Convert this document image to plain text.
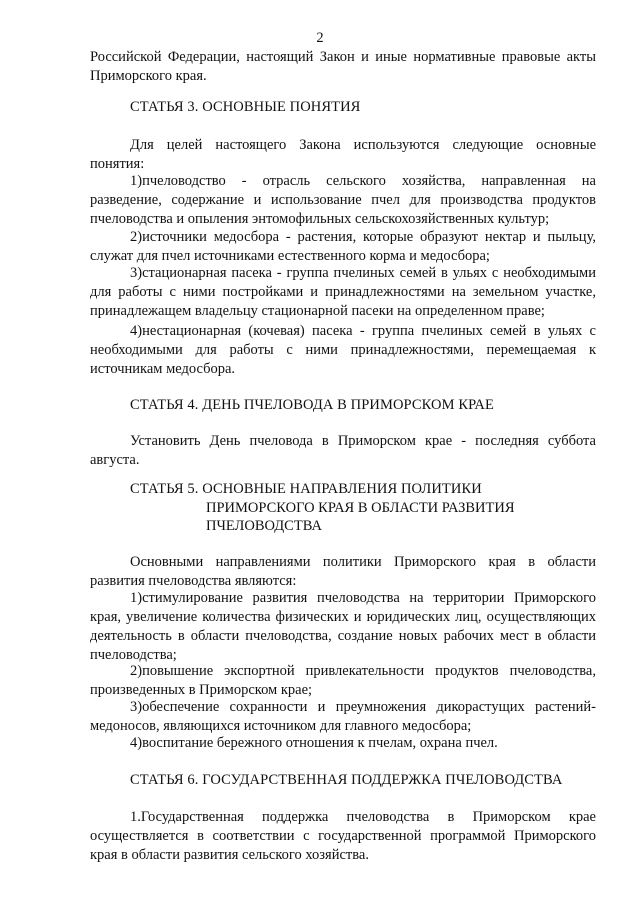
2

Российской Федерации, настоящий Закон и иные нормативные правовые акты Приморского края.

СТАТЬЯ 3. ОСНОВНЫЕ ПОНЯТИЯ

Для целей настоящего Закона используются следующие основные понятия:

1)пчеловодство - отрасль сельского хозяйства, направленная на разведение, содержание и использование пчел для производства продуктов пчеловодства и опыления энтомофильных сельскохозяйственных культур;

2)источники медосбора - растения, которые образуют нектар и пыльцу, служат для пчел источниками естественного корма и медосбора;

3)стационарная пасека - группа пчелиных семей в ульях с необходимыми для работы с ними постройками и принадлежностями на земельном участке, принадлежащем владельцу стационарной пасеки на определенном праве;

4)нестационарная (кочевая) пасека - группа пчелиных семей в ульях с необходимыми для работы с ними принадлежностями, перемещаемая к источникам медосбора.

СТАТЬЯ 4. ДЕНЬ ПЧЕЛОВОДА В ПРИМОРСКОМ КРАЕ

Установить День пчеловода в Приморском крае - последняя суббота августа.

СТАТЬЯ 5. ОСНОВНЫЕ НАПРАВЛЕНИЯ ПОЛИТИКИ
ПРИМОРСКОГО КРАЯ В ОБЛАСТИ РАЗВИТИЯ
ПЧЕЛОВОДСТВА

Основными направлениями политики Приморского края в области развития пчеловодства являются:

1)стимулирование развития пчеловодства на территории Приморского края, увеличение количества физических и юридических лиц, осуществляющих деятельность в области пчеловодства, создание новых рабочих мест в области пчеловодства;

2)повышение экспортной привлекательности продуктов пчеловодства, произведенных в Приморском крае;

3)обеспечение сохранности и преумножения дикорастущих растений-медоносов, являющихся источником для главного медосбора;

4)воспитание бережного отношения к пчелам, охрана пчел.

СТАТЬЯ 6. ГОСУДАРСТВЕННАЯ ПОДДЕРЖКА ПЧЕЛОВОДСТВА

1.Государственная поддержка пчеловодства в Приморском крае осуществляется в соответствии с государственной программой Приморского края в области развития сельского хозяйства.
